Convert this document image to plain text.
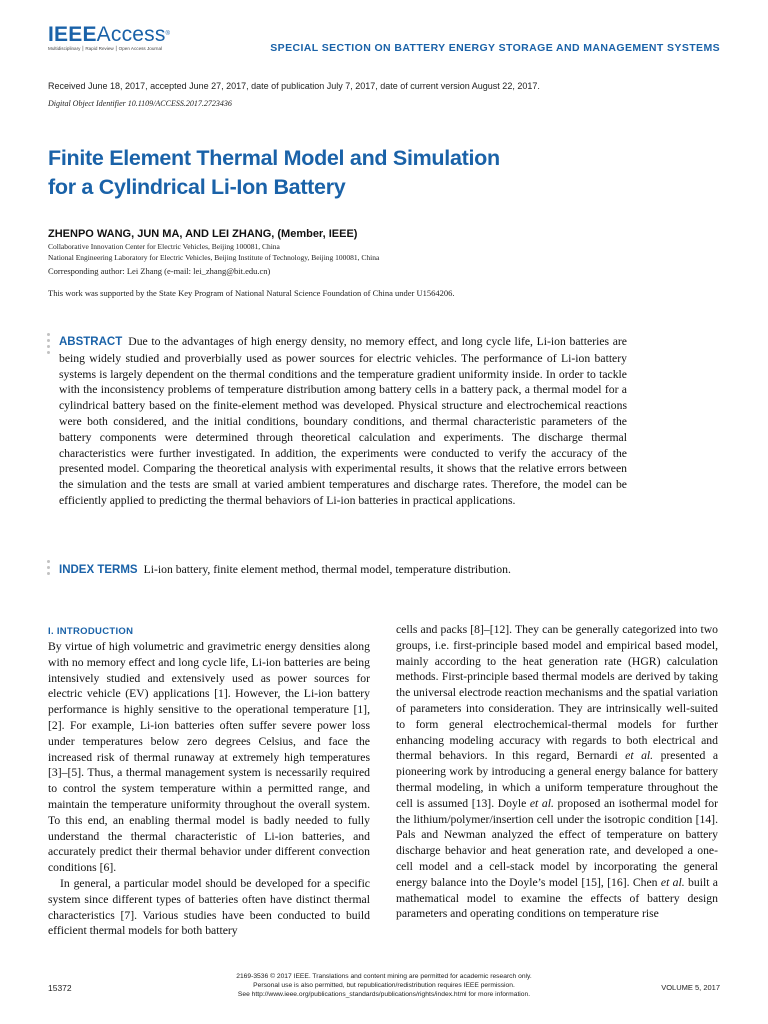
IEEEAccess®
Multidisciplinary ⎮ Rapid Review ⎮ Open Access Journal	SPECIAL SECTION ON BATTERY ENERGY STORAGE AND MANAGEMENT SYSTEMS
Received June 18, 2017, accepted June 27, 2017, date of publication July 7, 2017, date of current version August 22, 2017.
Digital Object Identifier 10.1109/ACCESS.2017.2723436
Finite Element Thermal Model and Simulation
for a Cylindrical Li-Ion Battery
ZHENPO WANG, JUN MA, AND LEI ZHANG, (Member, IEEE)
Collaborative Innovation Center for Electric Vehicles, Beijing 100081, China
National Engineering Laboratory for Electric Vehicles, Beijing Institute of Technology, Beijing 100081, China
Corresponding author: Lei Zhang (e-mail: lei_zhang@bit.edu.cn)
This work was supported by the State Key Program of National Natural Science Foundation of China under U1564206.
ABSTRACT Due to the advantages of high energy density, no memory effect, and long cycle life, Li-ion batteries are being widely studied and proverbially used as power sources for electric vehicles. The performance of Li-ion battery systems is largely dependent on the thermal conditions and the temperature gradient uniformity inside. In order to tackle with the inconsistency problems of temperature distribution among battery cells in a battery pack, a thermal model for a cylindrical battery based on the finite-element method was developed. Physical structure and electrochemical reactions were both considered, and the initial conditions, boundary conditions, and thermal characteristic parameters of the battery components were determined through theoretical calculation and experiments. The discharge thermal characteristics were further investigated. In addition, the experiments were conducted to verify the accuracy of the presented model. Comparing the theoretical analysis with experimental results, it shows that the relative errors between the simulation and the tests are small at varied ambient temperatures and discharge rates. Therefore, the model can be efficiently applied to predicting the thermal behaviors of Li-ion batteries in practical applications.
INDEX TERMS Li-ion battery, finite element method, thermal model, temperature distribution.
I. INTRODUCTION

By virtue of high volumetric and gravimetric energy densities along with no memory effect and long cycle life, Li-ion batteries are being intensively studied and extensively used as power sources for electric vehicle (EV) applications [1]. However, the Li-ion battery performance is highly sensitive to the operational temperature [1], [2]. For example, Li-ion batteries often suffer severe power loss under temperatures below zero degrees Celsius, and face the increased risk of thermal runaway at extremely high temperatures [3]–[5]. Thus, a thermal management system is necessarily required to control the system temperature within a permitted range, and maintain the temperature uniformity throughout the overall system. To this end, an enabling thermal model is badly needed to fully understand the thermal characteristic of Li-ion batteries, and accurately predict their thermal behavior under different convection conditions [6].

In general, a particular model should be developed for a specific system since different types of batteries often have distinct thermal characteristics [7]. Various studies have been conducted to build efficient thermal models for both battery

cells and packs [8]–[12]. They can be generally categorized into two groups, i.e. first-principle based model and empirical based model, mainly according to the heat generation rate (HGR) calculation methods. First-principle based thermal models are derived by taking the universal electrode reaction mechanisms and the spatial variation of parameters into consideration. They are intrinsically well-suited to form general electrochemical-thermal models for further enhancing modeling accuracy with regards to both electrical and thermal behaviors. In this regard, Bernardi et al. presented a pioneering work by introducing a general energy balance for battery thermal modeling, in which a uniform temperature throughout the cell is assumed [13]. Doyle et al. proposed an isothermal model for the lithium/polymer/insertion cell under the isotropic condition [14]. Pals and Newman analyzed the effect of temperature on battery discharge behavior and heat generation rate, and developed a one-cell model and a cell-stack model by incorporating the general energy balance into the Doyle’s model [15], [16]. Chen et al. built a mathematical model to examine the effects of battery design parameters and operating conditions on temperature rise

15372
2169-3536 © 2017 IEEE. Translations and content mining are permitted for academic research only.
Personal use is also permitted, but republication/redistribution requires IEEE permission.
See http://www.ieee.org/publications_standards/publications/rights/index.html for more information.
VOLUME 5, 2017
